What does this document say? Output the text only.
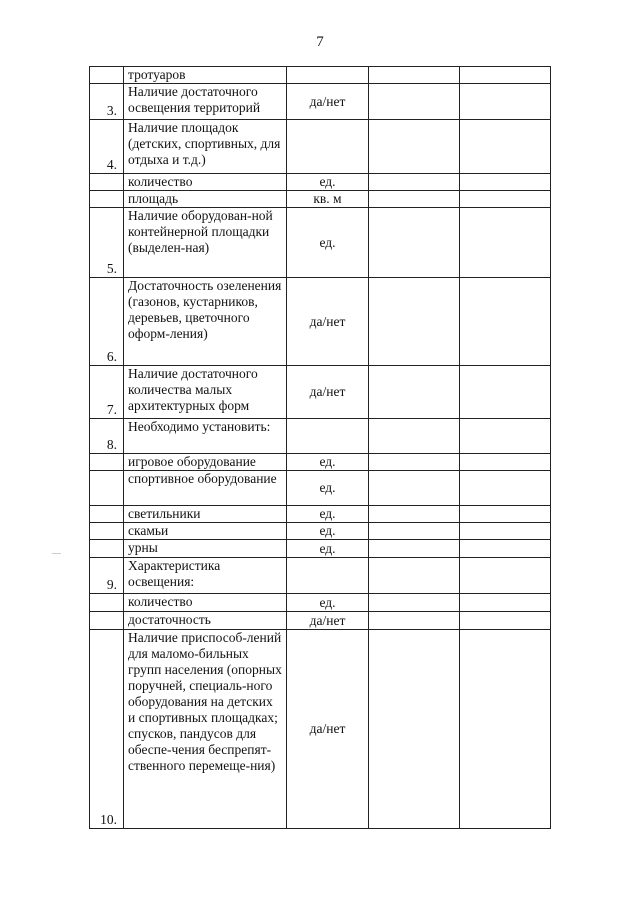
7
	тротуаров			
3.	Наличие достаточного освещения территорий	да/нет		
4.	Наличие площадок (детских, спортивных, для отдыха и т.д.)			
	количество	ед.		
	площадь	кв. м		
5.	Наличие оборудован-ной контейнерной площадки (выделен-ная)	ед.		
6.	Достаточность озеленения (газонов, кустарников, деревьев, цветочного оформ-ления)	да/нет		
7.	Наличие достаточного количества малых архитектурных форм	да/нет		
8.	Необходимо установить:			
	игровое оборудование	ед.		
	спортивное оборудование	ед.		
	светильники	ед.		
	скамьи	ед.		
	урны	ед.		
9.	Характеристика освещения:			
	количество	ед.		
	достаточность	да/нет		
10.	Наличие приспособ-лений для маломо-бильных групп населения (опорных поручней, специаль-ного оборудования на детских и спортивных площадках; спусков, пандусов для обеспе-чения беспрепят-ственного перемеще-ния)	да/нет		
